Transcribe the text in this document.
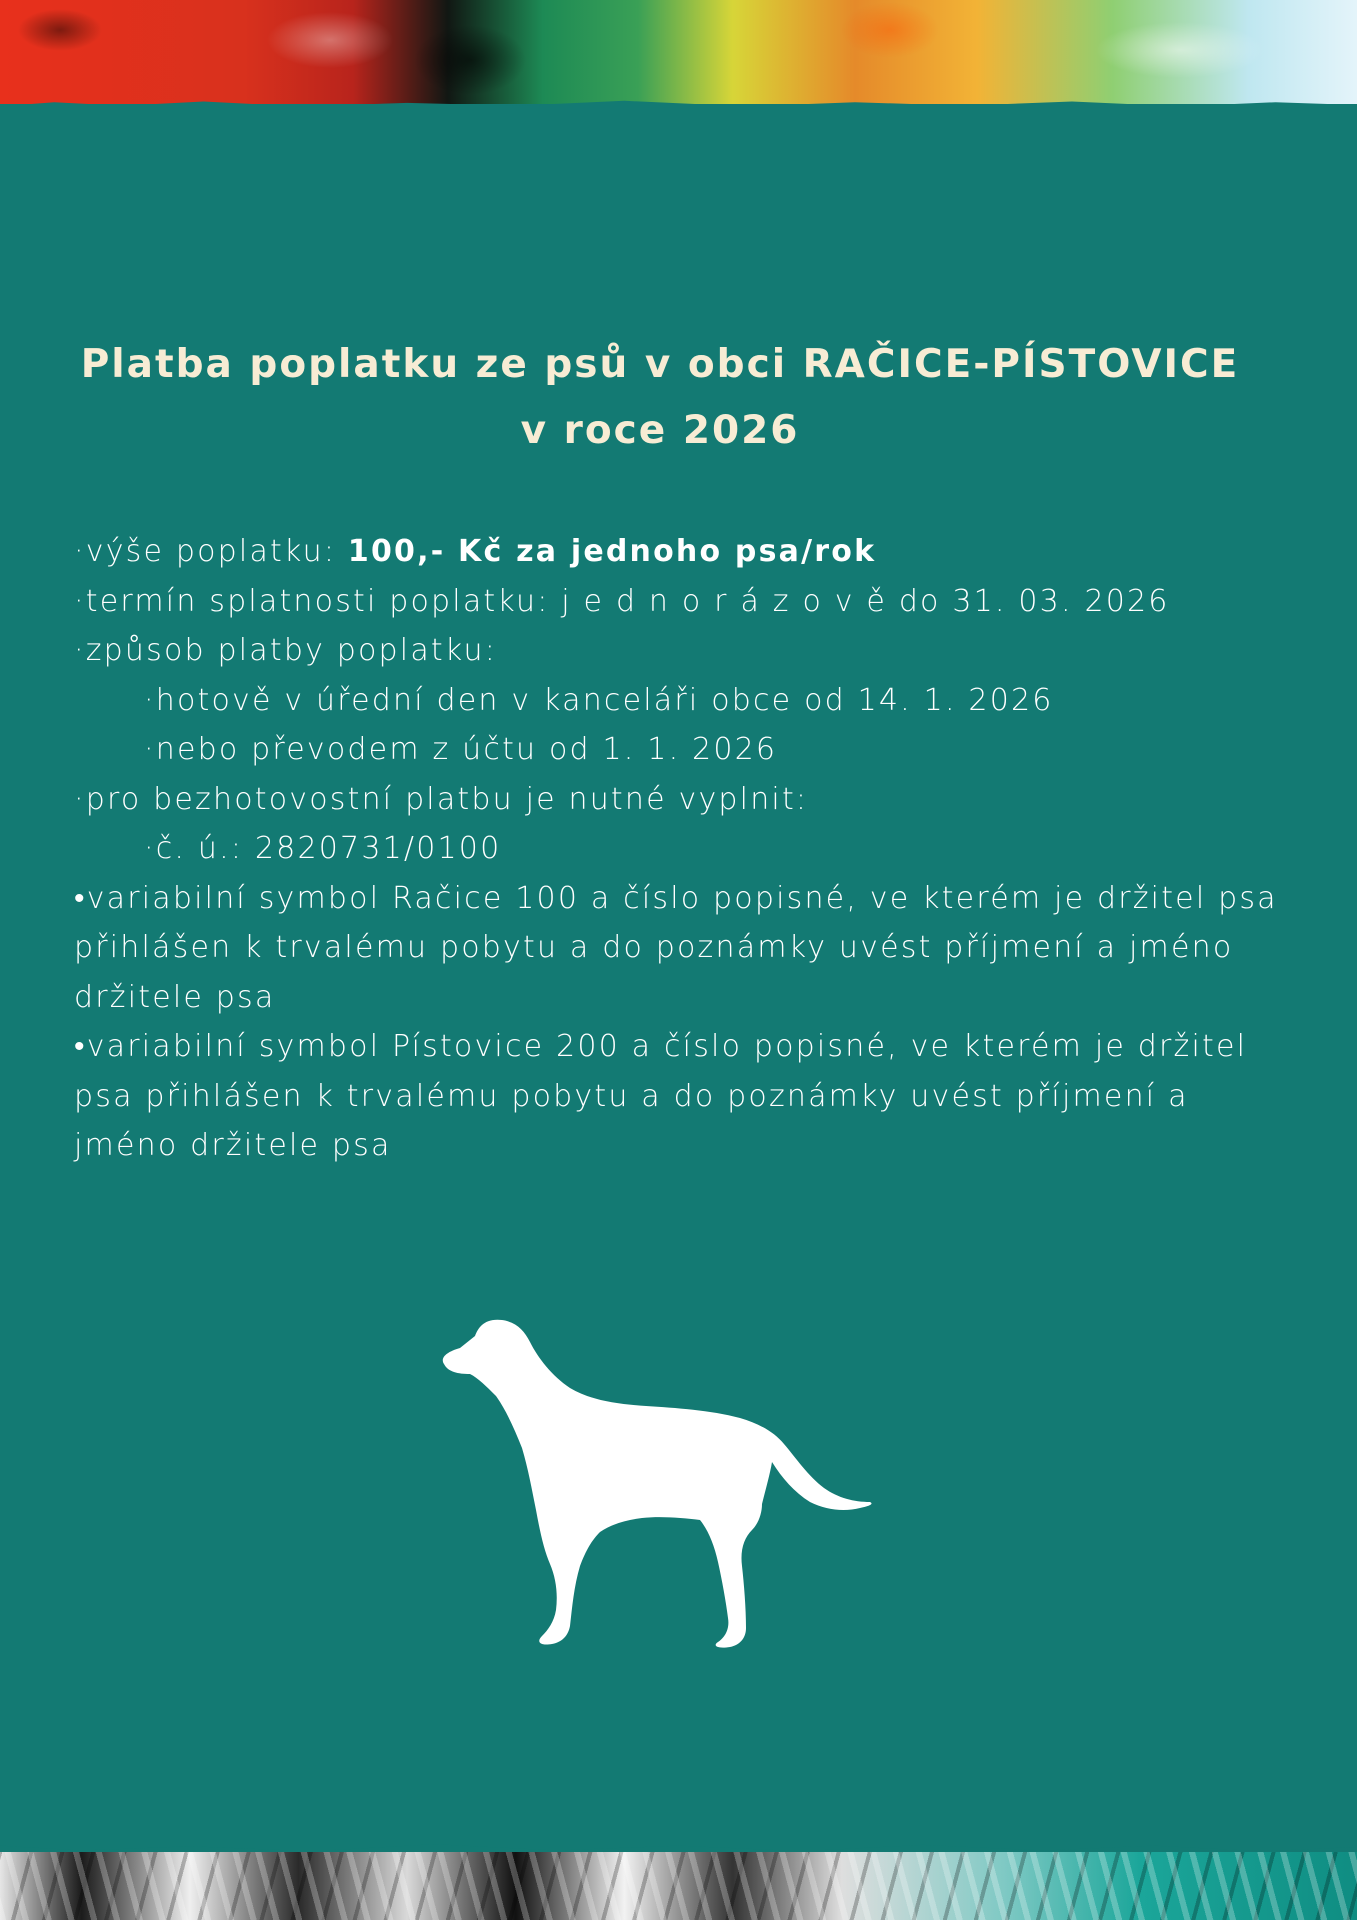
Platba poplatku ze psů v obci RAČICE-PÍSTOVICE
v roce 2026
·výše poplatku: 100,- Kč za jednoho psa/rok
·termín splatnosti poplatku: j e d n o r á z o v ě do 31. 03. 2026
·způsob platby poplatku:
·hotově v úřední den v kanceláři obce od 14. 1. 2026
·nebo převodem z účtu od 1. 1. 2026
·pro bezhotovostní platbu je nutné vyplnit:
·č. ú.: 2820731/0100
•variabilní symbol Račice 100 a číslo popisné, ve kterém je držitel psa přihlášen k trvalému pobytu a do poznámky uvést příjmení a jméno držitele psa
•variabilní symbol Pístovice 200 a číslo popisné, ve kterém je držitel psa přihlášen k trvalému pobytu a do poznámky uvést příjmení a jméno držitele psa
